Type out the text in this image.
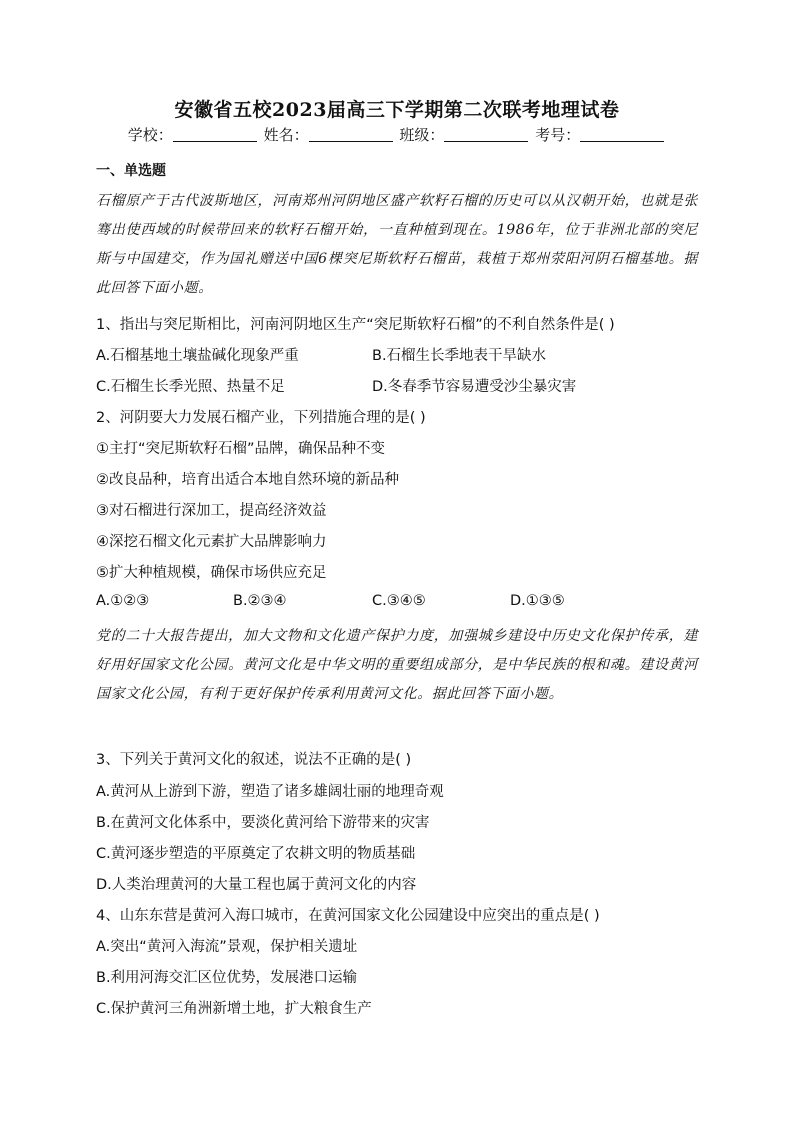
安徽省五校2023届高三下学期第二次联考地理试卷
学校：	姓名：	班级：	考号：
一、单选题
石榴原产于古代波斯地区，河南郑州河阴地区盛产软籽石榴的历史可以从汉朝开始，也就是张骞出使西域的时候带回来的软籽石榴开始，一直种植到现在。1986年，位于非洲北部的突尼斯与中国建交，作为国礼赠送中国6棵突尼斯软籽石榴苗，栽植于郑州荥阳河阴石榴基地。据此回答下面小题。
1、指出与突尼斯相比，河南河阴地区生产“突尼斯软籽石榴”的不利自然条件是( )
A.石榴基地土壤盐碱化现象严重	B.石榴生长季地表干旱缺水
C.石榴生长季光照、热量不足	D.冬春季节容易遭受沙尘暴灾害
2、河阴要大力发展石榴产业，下列措施合理的是( )
①主打“突尼斯软籽石榴”品牌，确保品种不变
②改良品种，培育出适合本地自然环境的新品种
③对石榴进行深加工，提高经济效益
④深挖石榴文化元素扩大品牌影响力
⑤扩大种植规模，确保市场供应充足
A.①②③	B.②③④	C.③④⑤	D.①③⑤
党的二十大报告提出，加大文物和文化遗产保护力度，加强城乡建设中历史文化保护传承，建好用好国家文化公园。黄河文化是中华文明的重要组成部分，是中华民族的根和魂。建设黄河国家文化公园，有利于更好保护传承利用黄河文化。据此回答下面小题。
3、下列关于黄河文化的叙述，说法不正确的是( )
A.黄河从上游到下游，塑造了诸多雄阔壮丽的地理奇观
B.在黄河文化体系中，要淡化黄河给下游带来的灾害
C.黄河逐步塑造的平原奠定了农耕文明的物质基础
D.人类治理黄河的大量工程也属于黄河文化的内容
4、山东东营是黄河入海口城市，在黄河国家文化公园建设中应突出的重点是( )
A.突出“黄河入海流”景观，保护相关遗址
B.利用河海交汇区位优势，发展港口运输
C.保护黄河三角洲新增土地，扩大粮食生产
